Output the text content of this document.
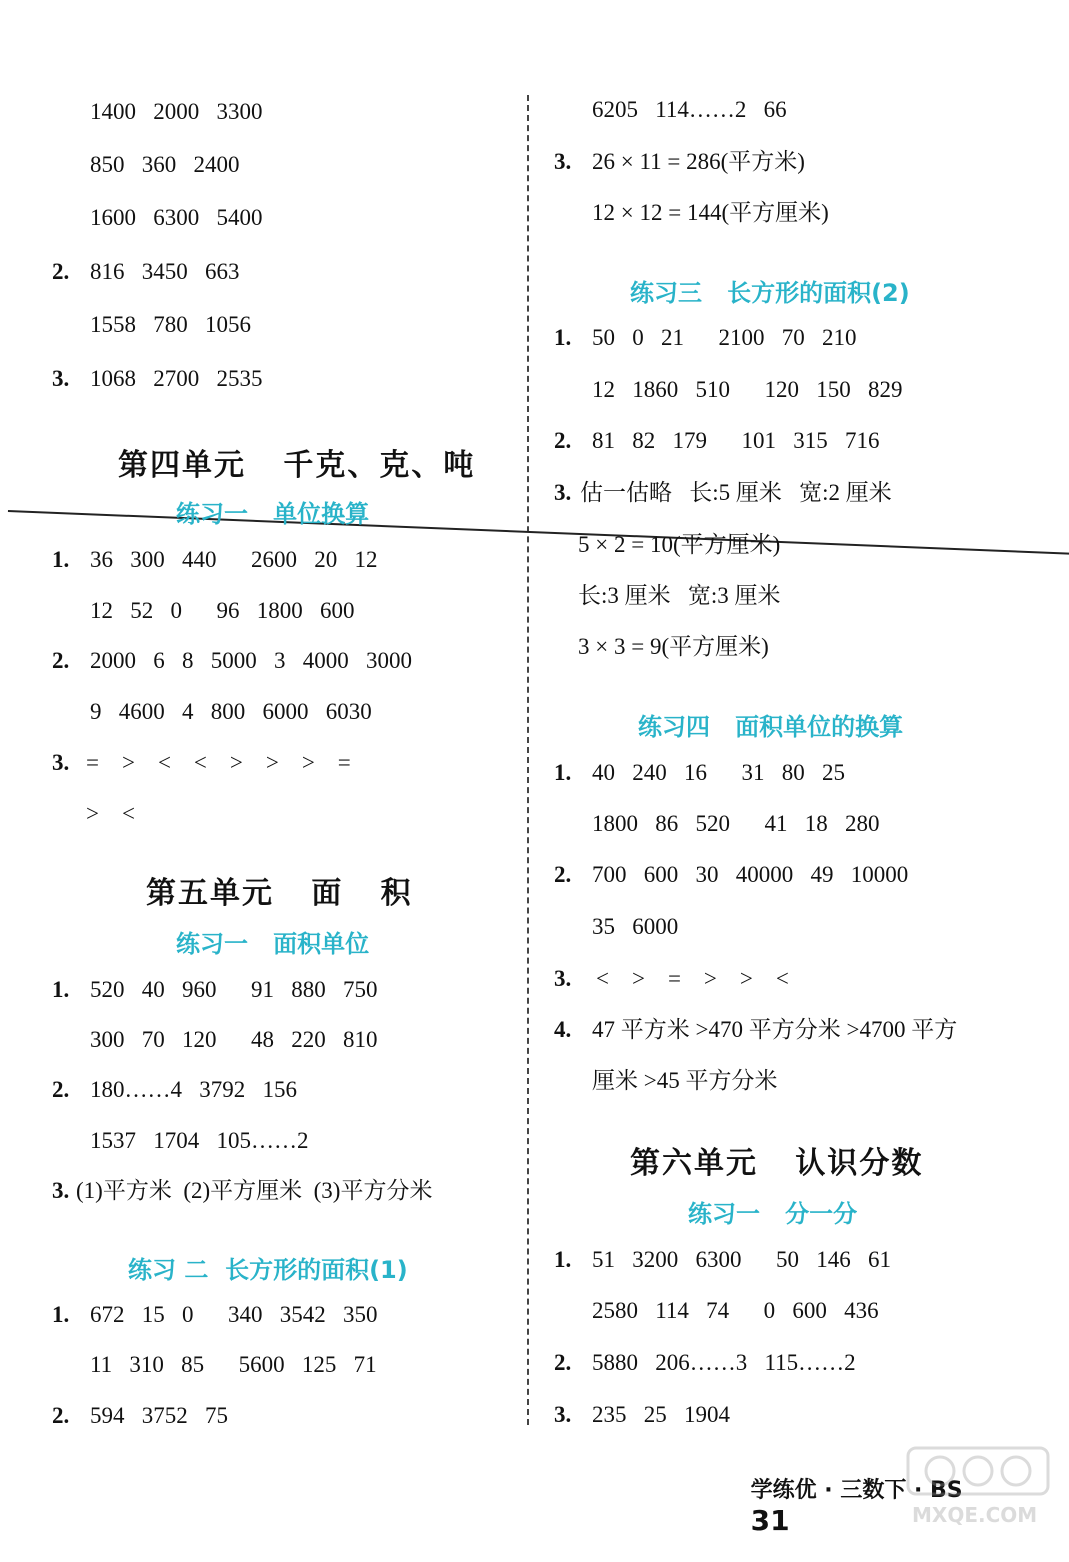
1400   2000   3300
850   360   2400
1600   6300   5400
2. 816   3450   663
1558   780   1056
3. 1068   2700   2535
第四单元   千克、克、吨
练习一   单位换算
1. 36   300   440      2600   20   12
12   52   0      96   1800   600
2. 2000   6   8   5000   3   4000   3000
9   4600   4   800   6000   6030
3. =    >    <    <    >    >    >    =
>    <
第五单元   面   积
练习一   面积单位
1. 520   40   960      91   880   750
300   70   120      48   220   810
2. 180……4   3792   156
1537   1704   105……2
3. (1)平方米  (2)平方厘米  (3)平方分米
练习 二  长方形的面积(1)
1. 672   15   0      340   3542   350
11   310   85      5600   125   71
2. 594   3752   75
6205   114……2   66
3. 26 × 11 = 286(平方米)
12 × 12 = 144(平方厘米)
练习三   长方形的面积(2)
1. 50   0   21      2100   70   210
12   1860   510      120   150   829
2. 81   82   179      101   315   716
3. 估一估略   长:5 厘米   宽:2 厘米
5 × 2 = 10(平方厘米)
长:3 厘米   宽:3 厘米
3 × 3 = 9(平方厘米)
练习四   面积单位的换算
1. 40   240   16      31   80   25
1800   86   520      41   18   280
2. 700   600   30   40000   49   10000
35   6000
3. <    >    =    >    >    <
4. 47 平方米 >470 平方分米 >4700 平方
厘米 >45 平方分米
第六单元   认识分数
练习一   分一分
1. 51   3200   6300      50   146   61
2580   114   74      0   600   436
2. 5880   206……3   115……2
3. 235   25   1904

学练优 · 三数下 · BS
31
	MXQE.COM
